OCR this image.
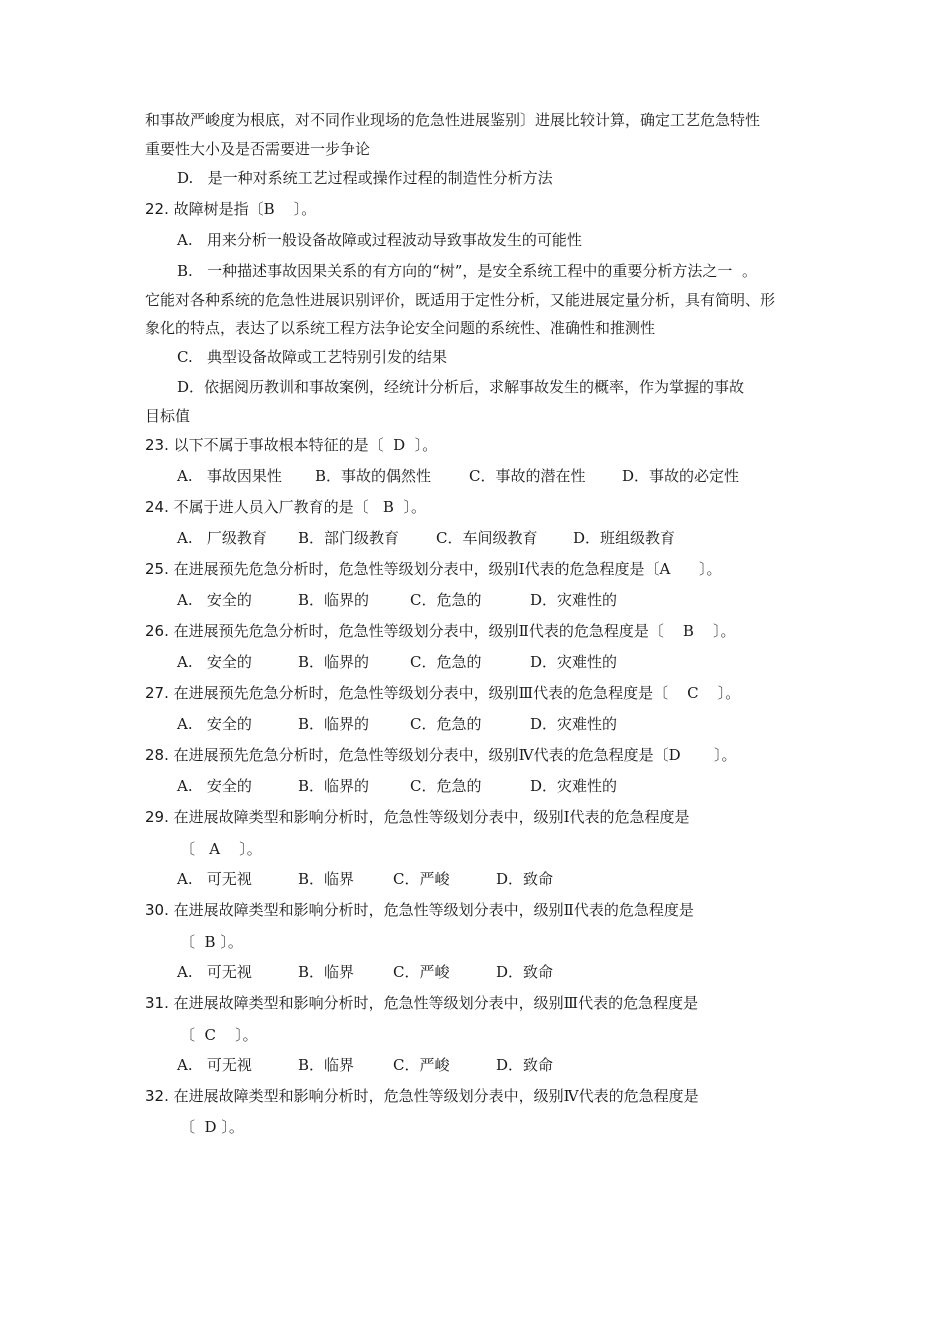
和事故严峻度为根底，对不同作业现场的危急性进展鉴别〕进展比较计算，确定工艺危急特性
重要性大小及是否需要进一步争论
D.   是一种对系统工艺过程或操作过程的制造性分析方法
22. 故障树是指〔B    〕。
A.   用来分析一般设备故障或过程波动导致事故发生的可能性
B.   一种描述事故因果关系的有方向的“树”，是安全系统工程中的重要分析方法之一  。
它能对各种系统的危急性进展识别评价，既适用于定性分析，又能进展定量分析，具有简明、形
象化的特点，表达了以系统工程方法争论安全问题的系统性、准确性和推测性
C.   典型设备故障或工艺特别引发的结果
D．依据阅历教训和事故案例，经统计分析后，求解事故发生的概率，作为掌握的事故
目标值
23. 以下不属于事故根本特征的是〔  D  〕。
A.   事故因果性 B．事故的偶然性	C．事故的潜在性 D．事故的必定性
24. 不属于进人员入厂教育的是〔   B  〕。
A.   厂级教育 B．部门级教育 C．车间级教育 D．班组级教育
25. 在进展预先危急分析时，危急性等级划分表中，级别Ⅰ代表的危急程度是〔A      〕。
A.   安全的	B．临界的	C．危急的	D．灾难性的
26. 在进展预先危急分析时，危急性等级划分表中，级别Ⅱ代表的危急程度是〔    B    〕。
A.   安全的	B．临界的	C．危急的	D．灾难性的
27. 在进展预先危急分析时，危急性等级划分表中，级别Ⅲ代表的危急程度是〔    C    〕。
A.   安全的	B．临界的	C．危急的	D．灾难性的
28. 在进展预先危急分析时，危急性等级划分表中，级别Ⅳ代表的危急程度是〔D       〕。
A.   安全的	B．临界的	C．危急的	D．灾难性的
29. 在进展故障类型和影响分析时，危急性等级划分表中，级别Ⅰ代表的危急程度是
〔   A    〕。
A.   可无视	B．临界	C．严峻	D．致命
30. 在进展故障类型和影响分析时，危急性等级划分表中，级别Ⅱ代表的危急程度是
〔  B 〕。
A.   可无视	B．临界	C．严峻	D．致命
31. 在进展故障类型和影响分析时，危急性等级划分表中，级别Ⅲ代表的危急程度是
〔  C    〕。
A.   可无视	B．临界	C．严峻	D．致命
32. 在进展故障类型和影响分析时，危急性等级划分表中，级别Ⅳ代表的危急程度是
〔  D 〕。
